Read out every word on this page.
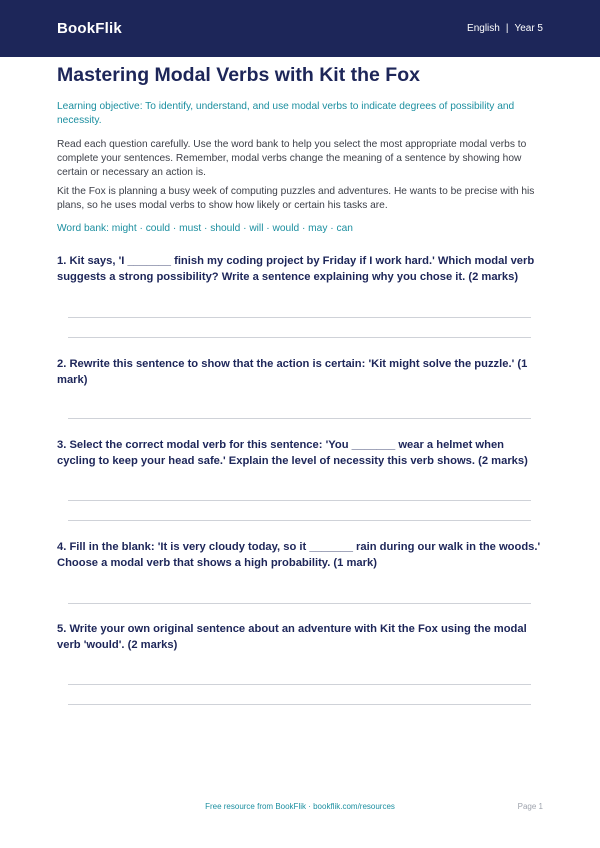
BookFlik	English | Year 5
Mastering Modal Verbs with Kit the Fox

Learning objective: To identify, understand, and use modal verbs to indicate degrees of possibility and necessity.

Read each question carefully. Use the word bank to help you select the most appropriate modal verbs to complete your sentences. Remember, modal verbs change the meaning of a sentence by showing how certain or necessary an action is.

Kit the Fox is planning a busy week of computing puzzles and adventures. He wants to be precise with his plans, so he uses modal verbs to show how likely or certain his tasks are.

Word bank: might · could · must · should · will · would · may · can

1. Kit says, 'I _______ finish my coding project by Friday if I work hard.' Which modal verb suggests a strong possibility? Write a sentence explaining why you chose it. (2 marks)

2. Rewrite this sentence to show that the action is certain: 'Kit might solve the puzzle.' (1 mark)

3. Select the correct modal verb for this sentence: 'You _______ wear a helmet when cycling to keep your head safe.' Explain the level of necessity this verb shows. (2 marks)

4. Fill in the blank: 'It is very cloudy today, so it _______ rain during our walk in the woods.' Choose a modal verb that shows a high probability. (1 mark)

5. Write your own original sentence about an adventure with Kit the Fox using the modal verb 'would'. (2 marks)

Free resource from BookFlik · bookflik.com/resources	Page 1
